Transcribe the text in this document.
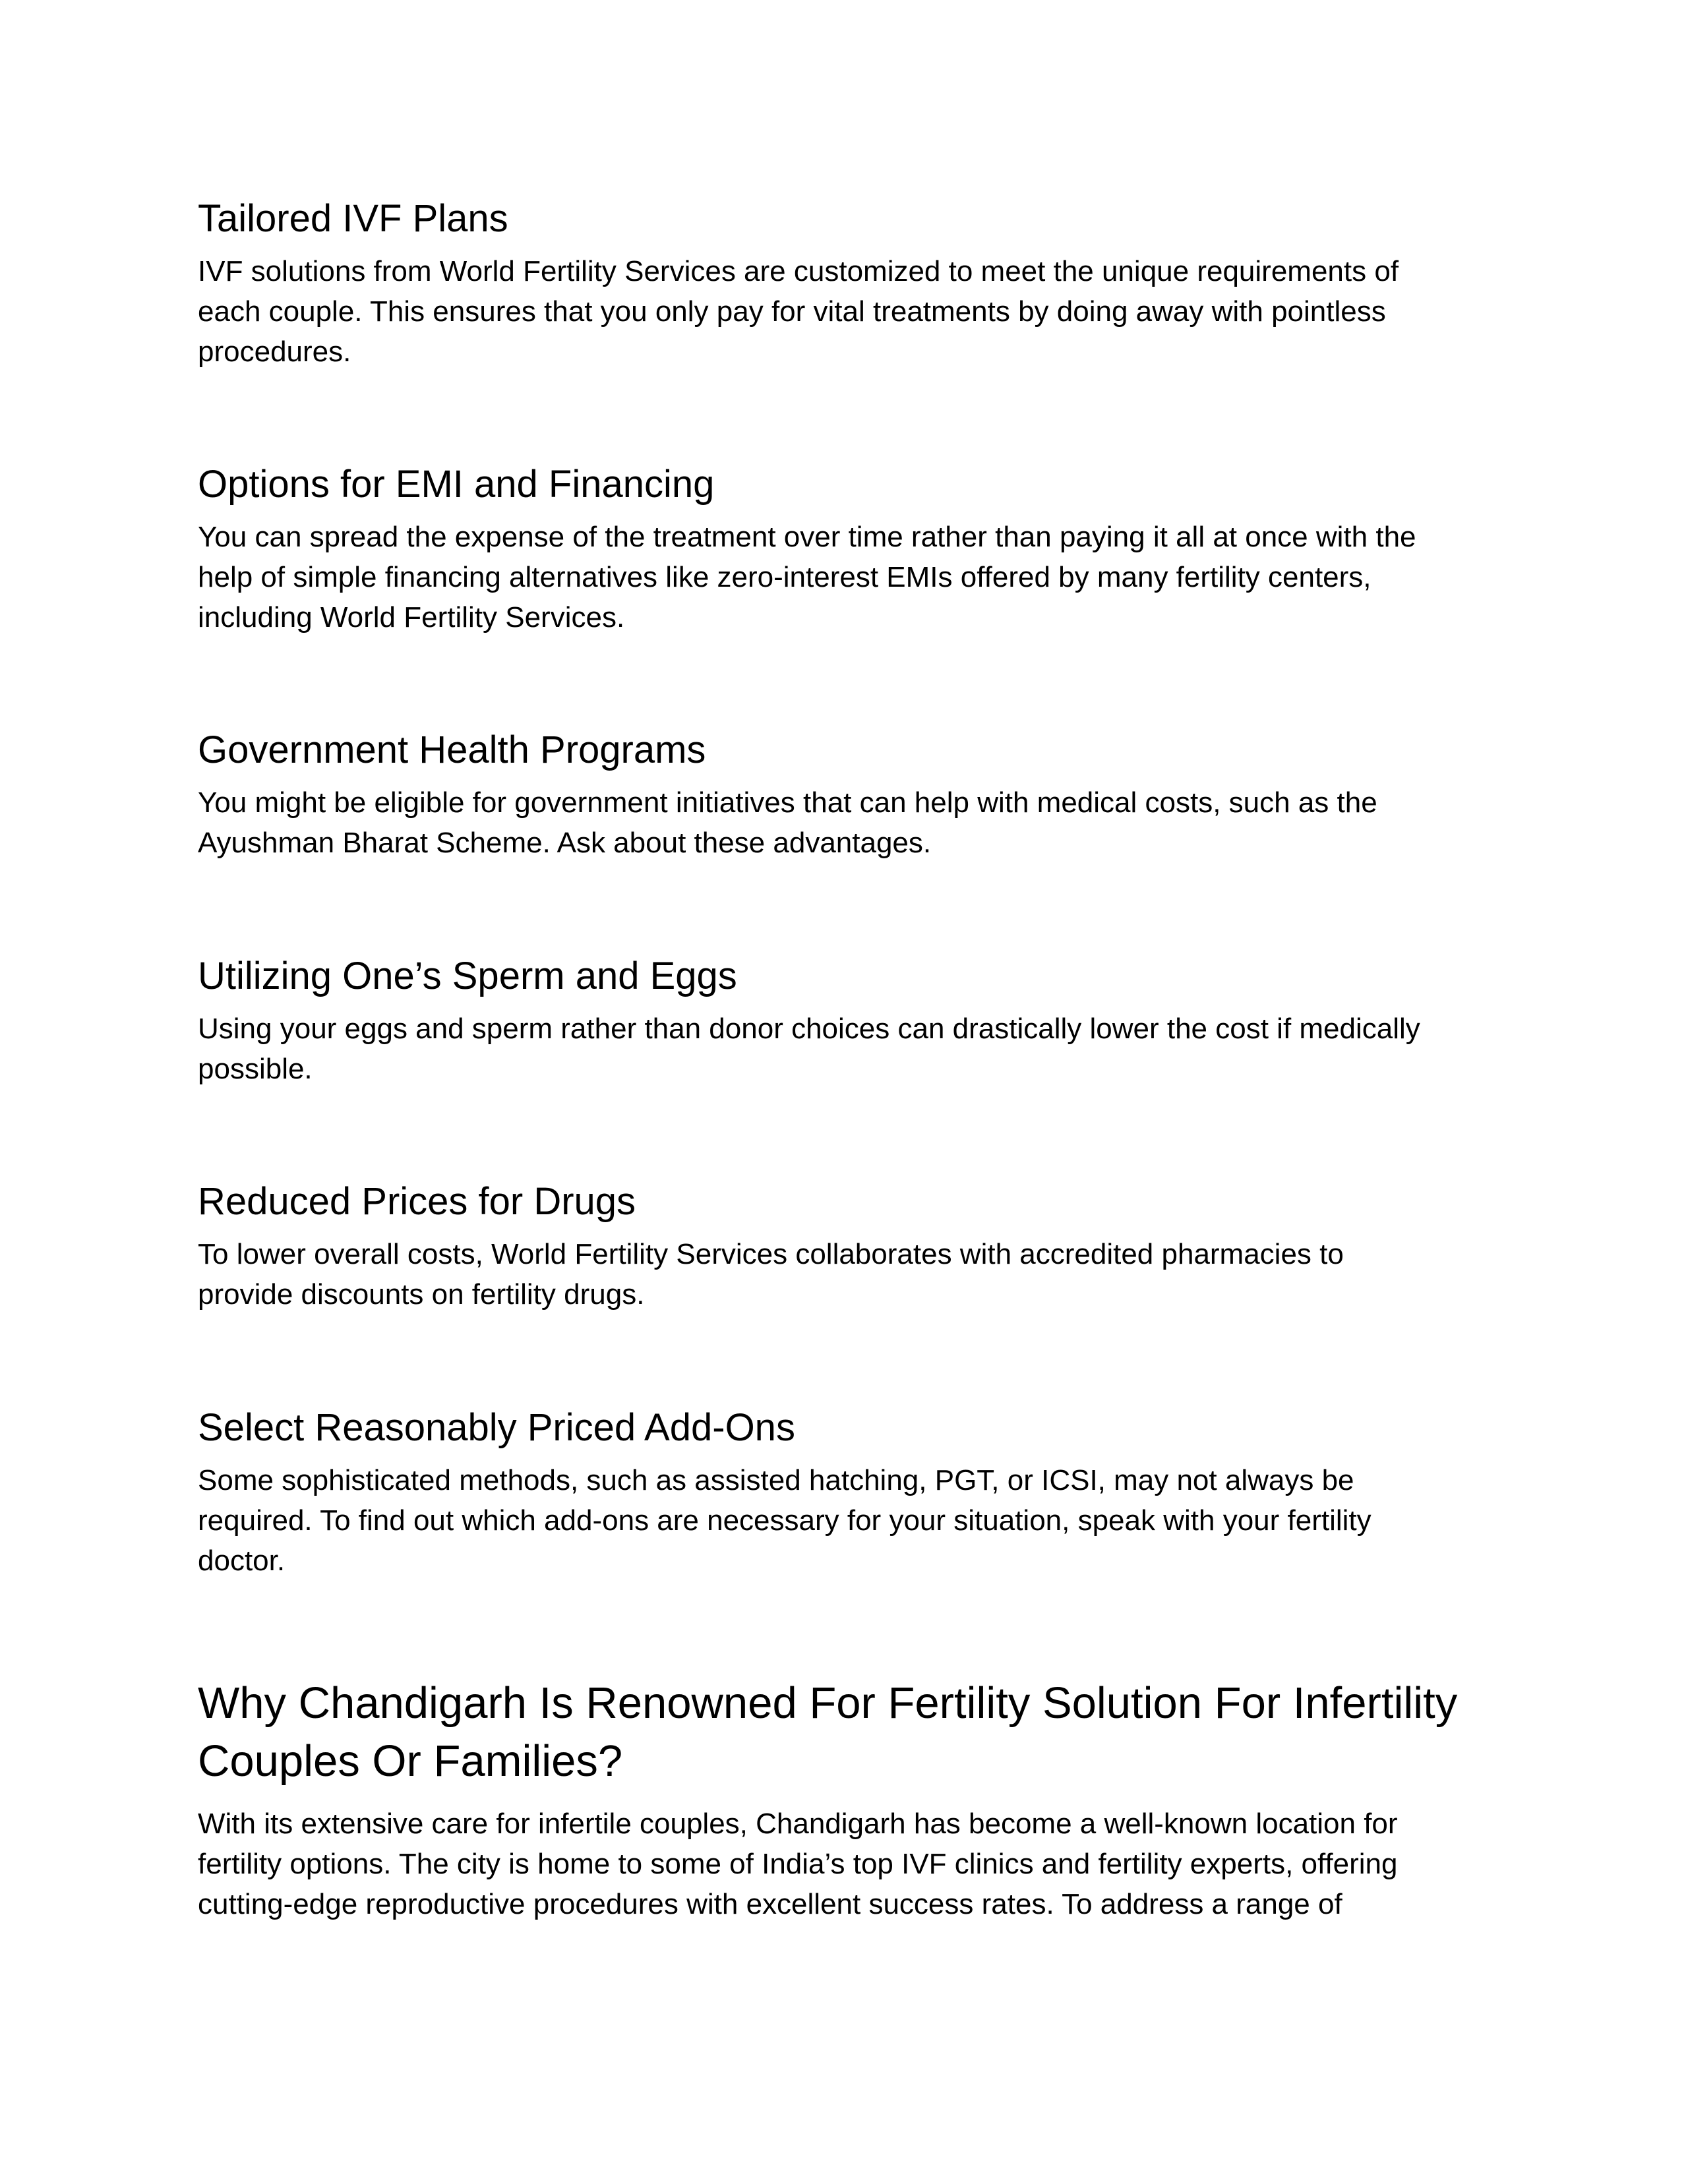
Tailored IVF Plans

IVF solutions from World Fertility Services are customized to meet the unique requirements of
each couple. This ensures that you only pay for vital treatments by doing away with pointless
procedures.

Options for EMI and Financing

You can spread the expense of the treatment over time rather than paying it all at once with the
help of simple financing alternatives like zero-interest EMIs offered by many fertility centers,
including World Fertility Services.

Government Health Programs

You might be eligible for government initiatives that can help with medical costs, such as the
Ayushman Bharat Scheme. Ask about these advantages.

Utilizing One’s Sperm and Eggs

Using your eggs and sperm rather than donor choices can drastically lower the cost if medically
possible.

Reduced Prices for Drugs

To lower overall costs, World Fertility Services collaborates with accredited pharmacies to
provide discounts on fertility drugs.

Select Reasonably Priced Add-Ons

Some sophisticated methods, such as assisted hatching, PGT, or ICSI, may not always be
required. To find out which add-ons are necessary for your situation, speak with your fertility
doctor.

Why Chandigarh Is Renowned For Fertility Solution For Infertility
Couples Or Families?

With its extensive care for infertile couples, Chandigarh has become a well-known location for
fertility options. The city is home to some of India’s top IVF clinics and fertility experts, offering
cutting-edge reproductive procedures with excellent success rates. To address a range of
